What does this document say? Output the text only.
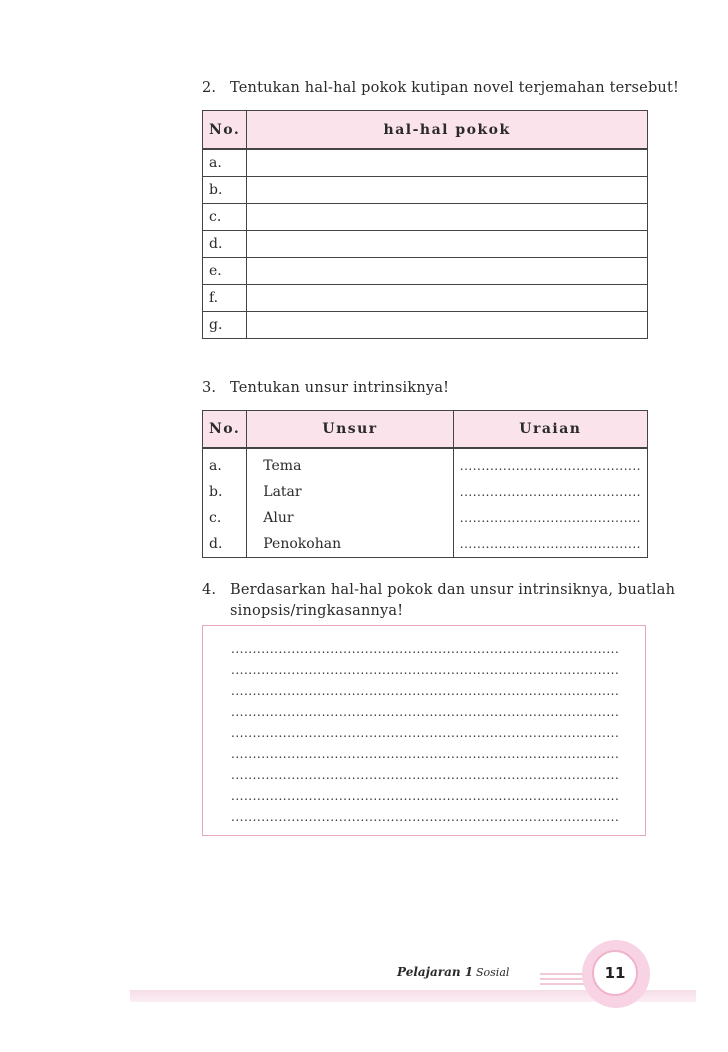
2. Tentukan hal-hal pokok kutipan novel terjemahan tersebut!
No.	hal-hal pokok
a.	
b.	
c.	
d.	
e.	
f.	
g.	
3. Tentukan unsur intrinsiknya!
No.	Unsur	Uraian
a.	Tema	..........................................
b.	Latar	..........................................
c.	Alur	..........................................
d.	Penokohan	..........................................
4. Berdasarkan hal-hal pokok dan unsur intrinsiknya, buatlah
sinopsis/ringkasannya!
..........................................................................................
..........................................................................................
..........................................................................................
..........................................................................................
..........................................................................................
..........................................................................................
..........................................................................................
..........................................................................................
..........................................................................................
Pelajaran 1 Sosial	11
